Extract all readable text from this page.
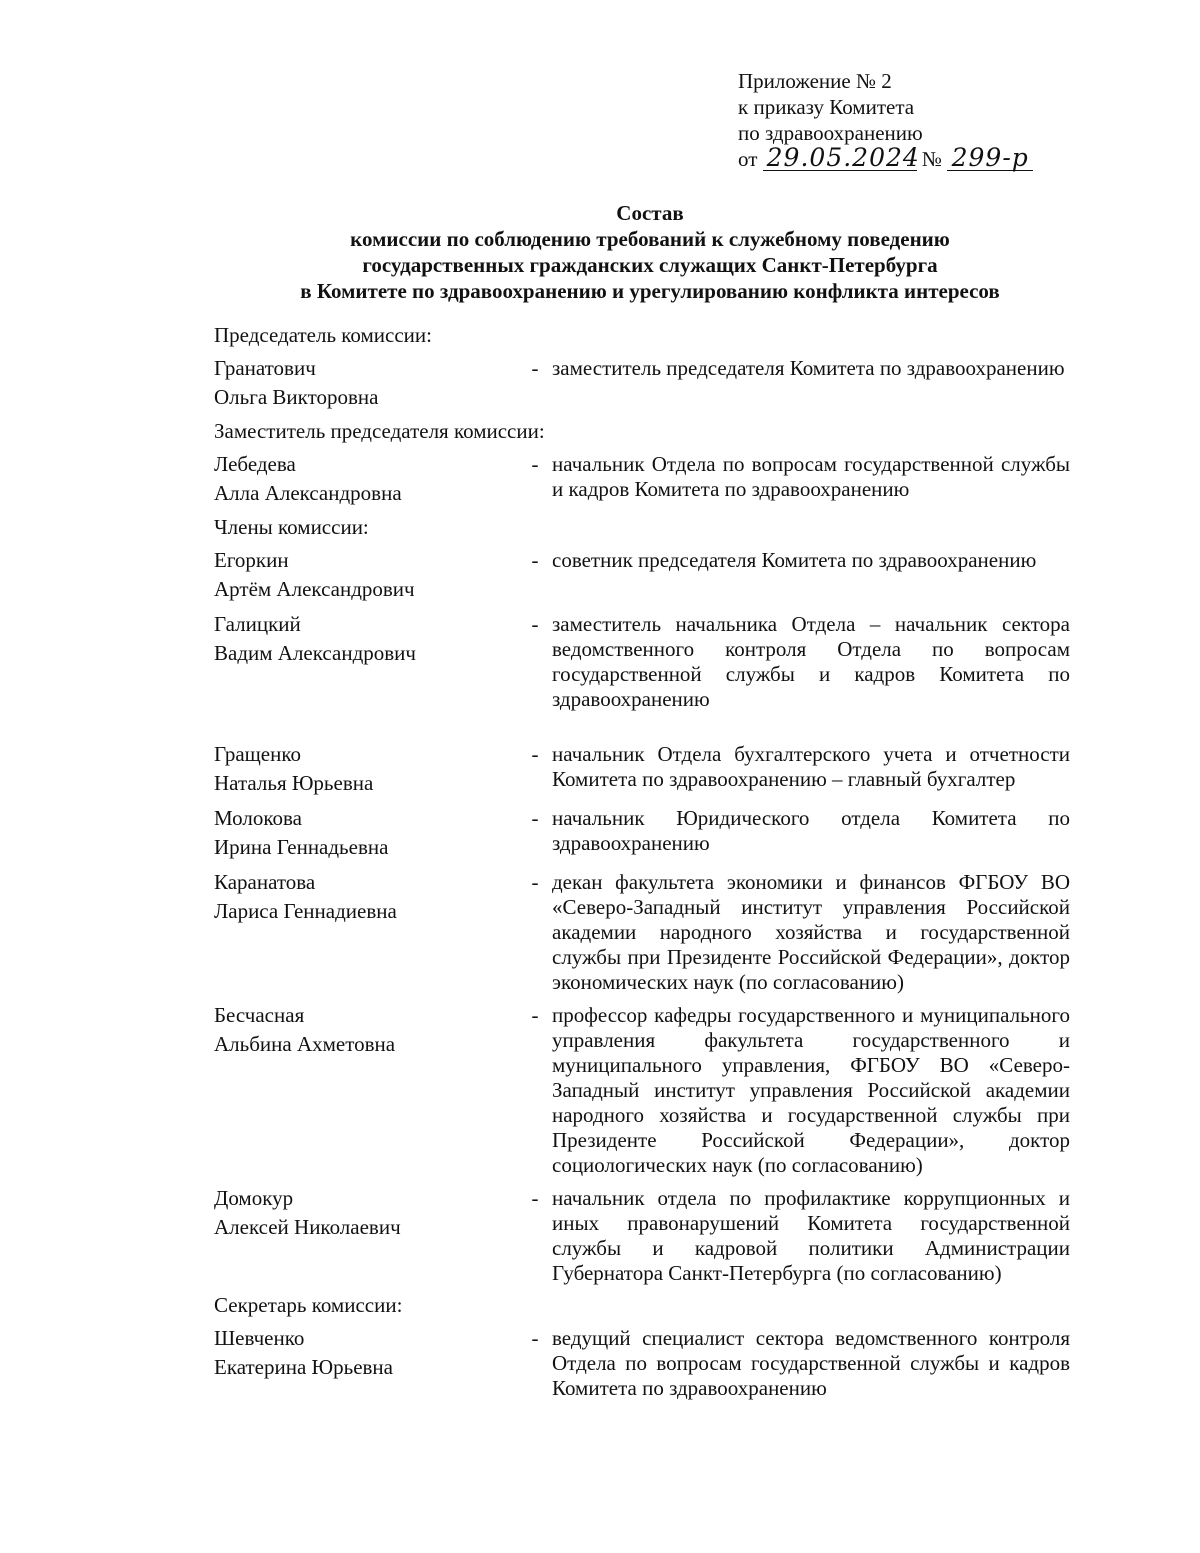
Приложение № 2
к приказу Комитета
по здравоохранению
от 29.05.2024 № 299-р
Состав
комиссии по соблюдению требований к служебному поведению
государственных гражданских служащих Санкт-Петербурга
в Комитете по здравоохранению и урегулированию конфликта интересов
Председатель комиссии:
Гранатович
Ольга Викторовна
- заместитель председателя Комитета по здравоохранению
Заместитель председателя комиссии:
Лебедева
Алла Александровна
- начальник Отдела по вопросам государственной службы и кадров Комитета по здравоохранению
Члены комиссии:
Егоркин
Артём Александрович
- советник председателя Комитета по здравоохранению
Галицкий
Вадим Александрович
- заместитель начальника Отдела – начальник сектора ведомственного контроля Отдела по вопросам государственной службы и кадров Комитета по здравоохранению
Гращенко
Наталья Юрьевна
- начальник Отдела бухгалтерского учета и отчетности Комитета по здравоохранению – главный бухгалтер
Молокова
Ирина Геннадьевна
- начальник Юридического отдела Комитета по здравоохранению
Каранатова
Лариса Геннадиевна
- декан факультета экономики и финансов ФГБОУ ВО «Северо-Западный институт управления Российской академии народного хозяйства и государственной службы при Президенте Российской Федерации», доктор экономических наук (по согласованию)
Бесчасная
Альбина Ахметовна
- профессор кафедры государственного и муниципального управления факультета государственного и муниципального управления, ФГБОУ ВО «Северо-Западный институт управления Российской академии народного хозяйства и государственной службы при Президенте Российской Федерации», доктор социологических наук (по согласованию)
Домокур
Алексей Николаевич
- начальник отдела по профилактике коррупционных и иных правонарушений Комитета государственной службы и кадровой политики Администрации Губернатора Санкт-Петербурга (по согласованию)
Секретарь комиссии:
Шевченко
Екатерина Юрьевна
- ведущий специалист сектора ведомственного контроля Отдела по вопросам государственной службы и кадров Комитета по здравоохранению
